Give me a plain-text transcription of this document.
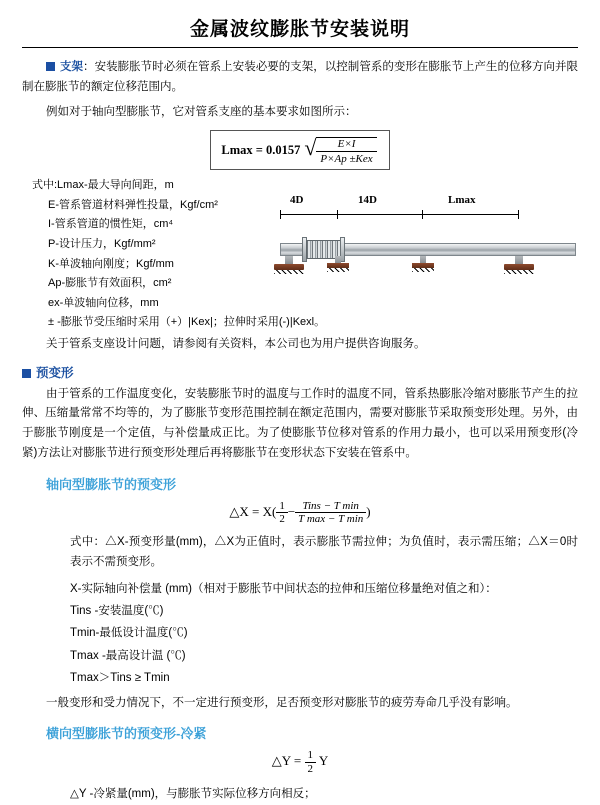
金属波纹膨胀节安装说明

支架：安装膨胀节时必须在管系上安装必要的支架，以控制管系的变形在膨胀节上产生的位移方向并限制在膨胀节的额定位移范围内。

例如对于轴向型膨胀节，它对管系支座的基本要求如图所示：

Lmax = 0.0157 √ $\frac{E\times I}{\text{P×Ap ±Kex}}$
式中:Lmax-最大导向间距，m
E-管系管道材料弹性投量，Kgf/cm²
I-管系管道的惯性矩，cm⁴
P-设计压力，Kgf/mm²
K-单波轴向刚度；Kgf/mm
Ap-膨胀节有效面积，cm²
ex-单波轴向位移，mm
± -膨胀节受压缩时采用（+）|Kex|；拉伸时采用(-)|Kexl。
4D	14D	Lmax

关于管系支座设计问题，请参阅有关资料，本公司也为用户提供咨询服务。

预变形

由于管系的工作温度变化，安装膨胀节时的温度与工作时的温度不同，管系热膨胀冷缩对膨胀节产生的拉伸、压缩量常常不均等的，为了膨胀节变形范围控制在额定范围内，需要对膨胀节采取预变形处理。另外，由于膨胀节刚度是一个定值，与补偿量成正比。为了使膨胀节位移对管系的作用力最小，也可以采用预变形(冷紧)方法让对膨胀节进行预变形处理后再将膨胀节在变形状态下安装在管系中。

轴向型膨胀节的预变形
△X = $X( \frac{1}{2} - \frac{\text{Tins − T min}}{\text{T max − T min}}$ )

式中：△X-预变形量(mm)，△X为正值时，表示膨胀节需拉伸；为负值时，表示需压缩；△X＝0时表示不需预变形。

X-实际轴向补偿量 (mm)（相对于膨胀节中间状态的拉伸和压缩位移量绝对值之和）：
Tins -安装温度(℃)
Tmin-最低设计温度(℃)
Tmax -最高设计温 (℃)
Tmax＞Tins ≥ Tmin

一般变形和受力情况下，不一定进行预变形，足否预变形对膨胀节的疲劳寿命几乎没有影响。

横向型膨胀节的预变形-冷紧
△Y = $\frac{1}{2}$ Y
△Y -冷紧量(mm)，与膨胀节实际位移方向相反；
